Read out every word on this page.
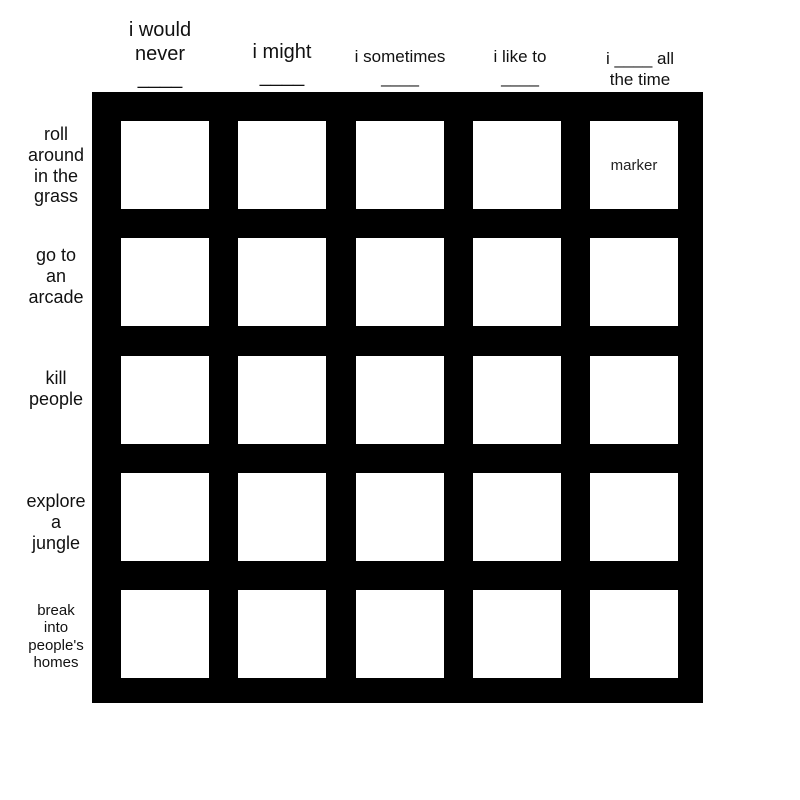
i would
never
____
i might
____
i sometimes
____
i like to
____
i ____ all
the time
roll
around
in the
grass
go to
an
arcade
kill
people
explore
a
jungle
break
into
people's
homes
marker
